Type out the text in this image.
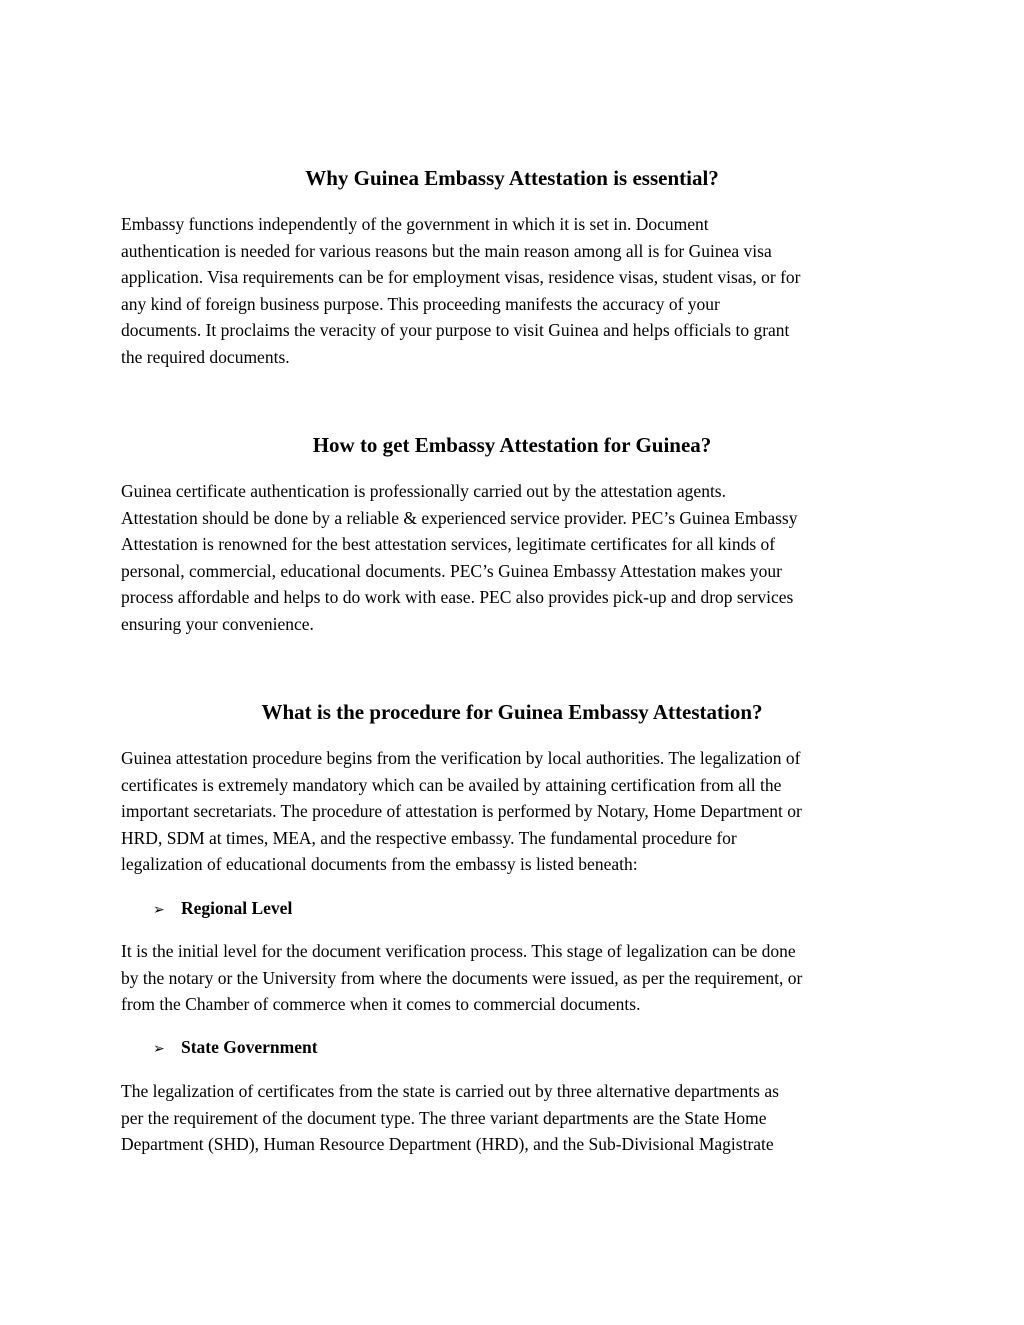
Why Guinea Embassy Attestation is essential?

Embassy functions independently of the government in which it is set in. Document
authentication is needed for various reasons but the main reason among all is for Guinea visa
application. Visa requirements can be for employment visas, residence visas, student visas, or for
any kind of foreign business purpose. This proceeding manifests the accuracy of your
documents. It proclaims the veracity of your purpose to visit Guinea and helps officials to grant
the required documents.

How to get Embassy Attestation for Guinea?

Guinea certificate authentication is professionally carried out by the attestation agents.
Attestation should be done by a reliable & experienced service provider. PEC’s Guinea Embassy
Attestation is renowned for the best attestation services, legitimate certificates for all kinds of
personal, commercial, educational documents. PEC’s Guinea Embassy Attestation makes your
process affordable and helps to do work with ease. PEC also provides pick-up and drop services
ensuring your convenience.

What is the procedure for Guinea Embassy Attestation?

Guinea attestation procedure begins from the verification by local authorities. The legalization of
certificates is extremely mandatory which can be availed by attaining certification from all the
important secretariats. The procedure of attestation is performed by Notary, Home Department or
HRD, SDM at times, MEA, and the respective embassy. The fundamental procedure for
legalization of educational documents from the embassy is listed beneath:

➢ Regional Level

It is the initial level for the document verification process. This stage of legalization can be done
by the notary or the University from where the documents were issued, as per the requirement, or
from the Chamber of commerce when it comes to commercial documents.

➢ State Government

The legalization of certificates from the state is carried out by three alternative departments as
per the requirement of the document type. The three variant departments are the State Home
Department (SHD), Human Resource Department (HRD), and the Sub-Divisional Magistrate
